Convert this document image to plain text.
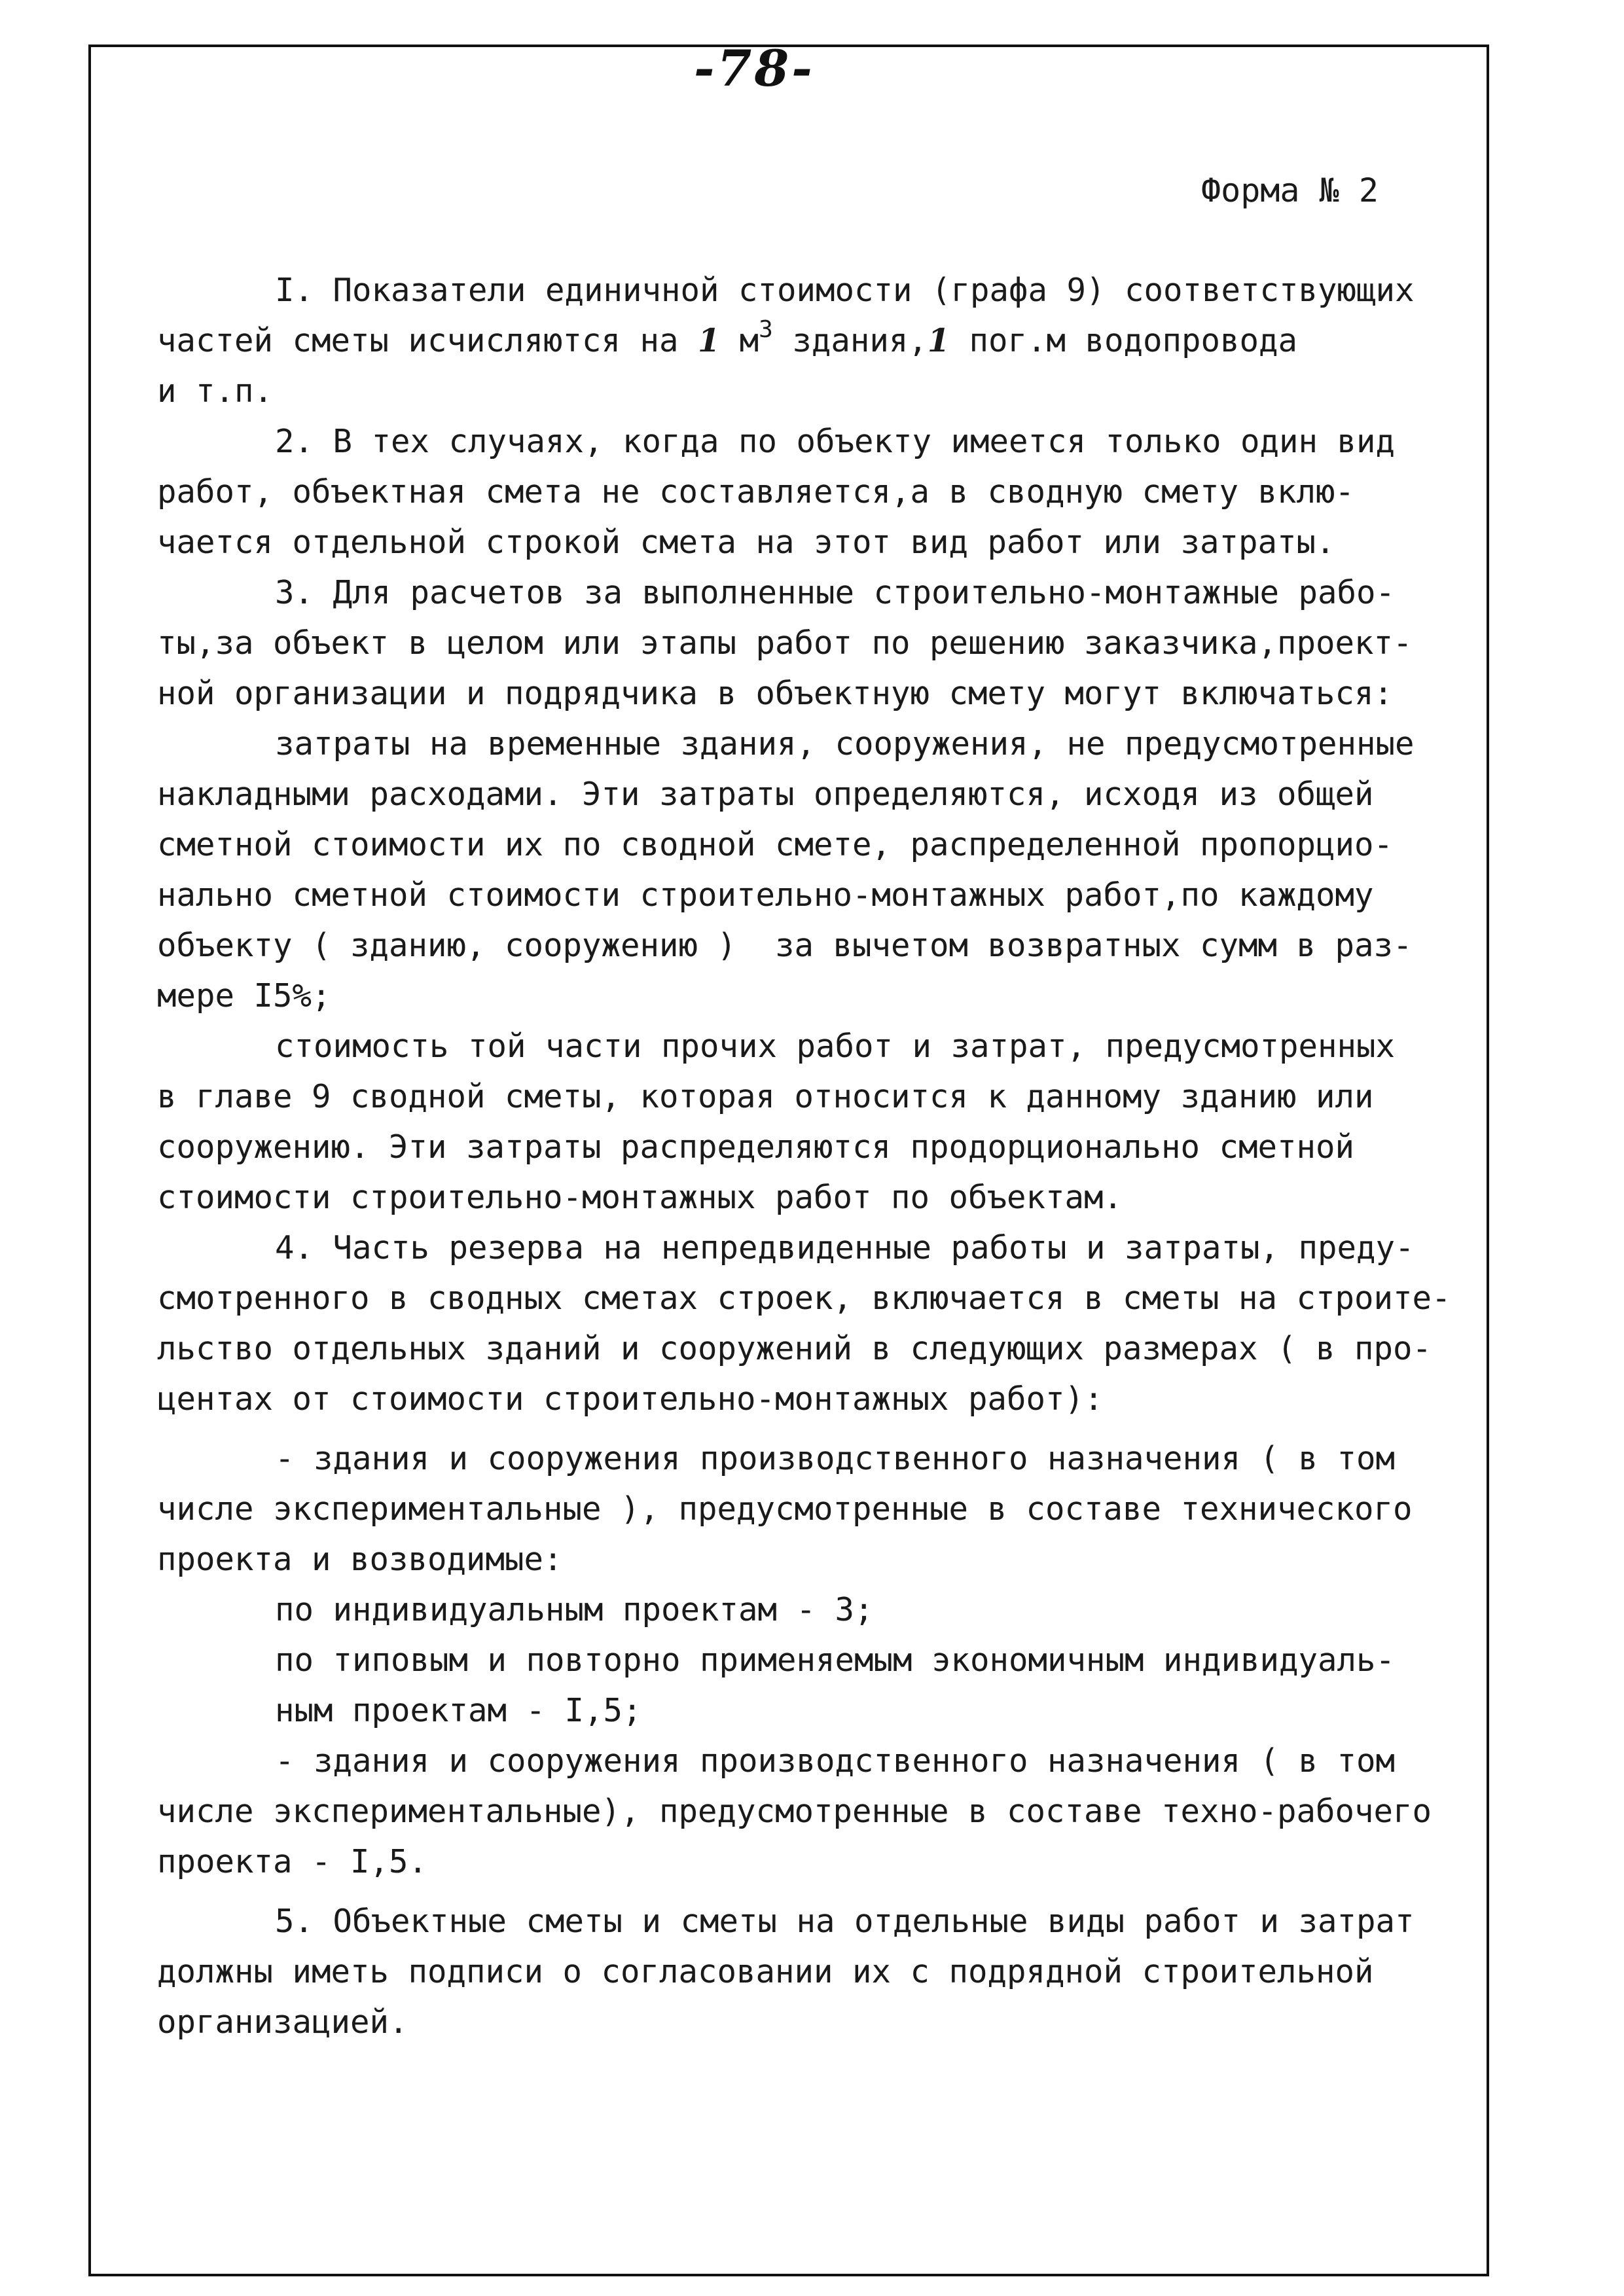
-78-
Форма № 2
I. Показатели единичной стоимости (графа 9) соответствующих
частей сметы исчисляются на 1 $м^3$ здания,1 пог.м водопровода
и т.п.
2. В тех случаях, когда по объекту имеется только один вид
работ, объектная смета не составляется,а в сводную смету вклю-
чается отдельной строкой смета на этот вид работ или затраты.
3. Для расчетов за выполненные строительно-монтажные рабо-
ты,за объект в целом или этапы работ по решению заказчика,проект-
ной организации и подрядчика в объектную смету могут включаться:
затраты на временные здания, сооружения, не предусмотренные
накладными расходами. Эти затраты определяются, исходя из общей
сметной стоимости их по сводной смете, распределенной пропорцио-
нально сметной стоимости строительно-монтажных работ,по каждому
объекту ( зданию, сооружению )  за вычетом возвратных сумм в раз-
мере I5%;
стоимость той части прочих работ и затрат, предусмотренных
в главе 9 сводной сметы, которая относится к данному зданию или
сооружению. Эти затраты распределяются продорционально сметной
стоимости строительно-монтажных работ по объектам.
4. Часть резерва на непредвиденные работы и затраты, преду-
смотренного в сводных сметах строек, включается в сметы на строите-
льство отдельных зданий и сооружений в следующих размерах ( в про-
центах от стоимости строительно-монтажных работ):
- здания и сооружения производственного назначения ( в том
числе экспериментальные ), предусмотренные в составе технического
проекта и возводимые:
по индивидуальным проектам - 3;
по типовым и повторно применяемым экономичным индивидуаль-
ным проектам - I,5;
- здания и сооружения производственного назначения ( в том
числе экспериментальные), предусмотренные в составе техно-рабочего
проекта - I,5.
5. Объектные сметы и сметы на отдельные виды работ и затрат
должны иметь подписи о согласовании их с подрядной строительной
организацией.
